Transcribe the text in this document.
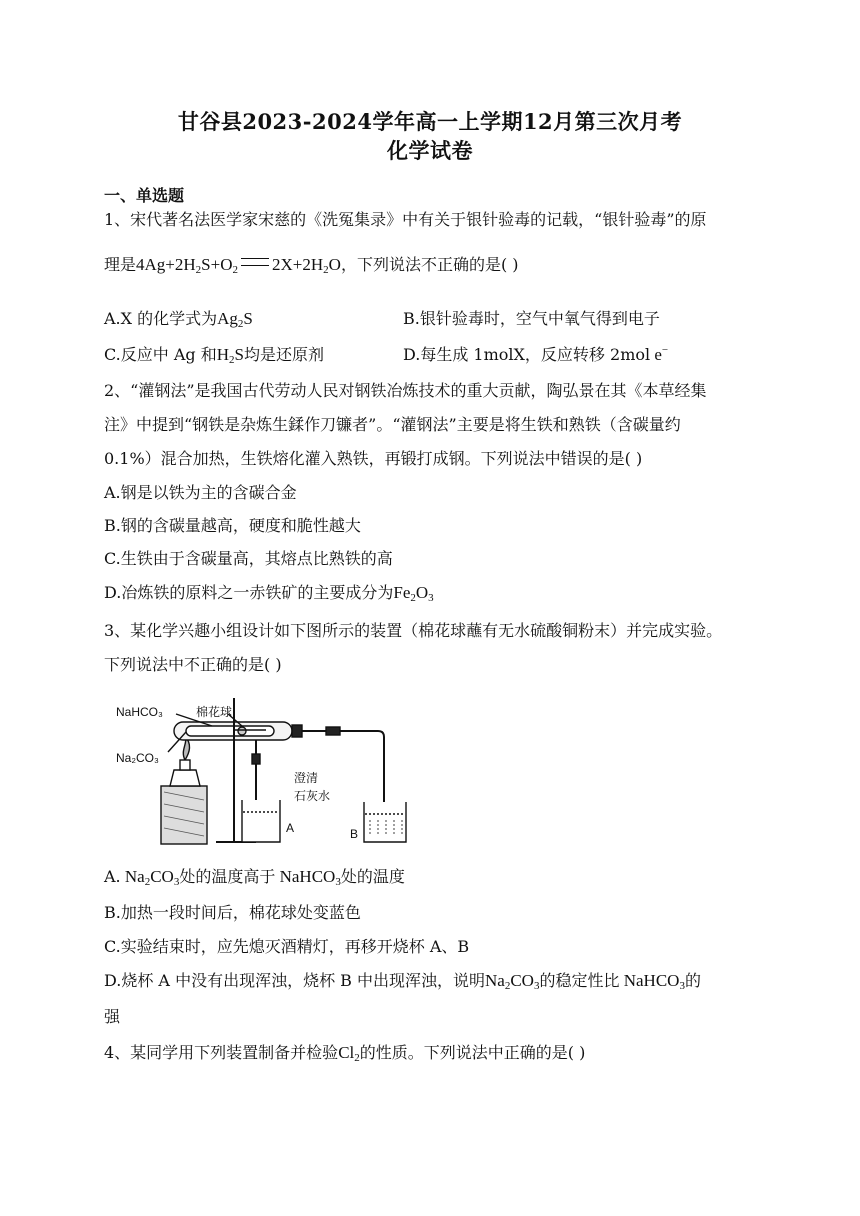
甘谷县2023-2024学年高一上学期12月第三次月考
化学试卷
一、单选题
1、宋代著名法医学家宋慈的《洗冤集录》中有关于银针验毒的记载，“银针验毒”的原
理是$4Ag+2H_2S+O_2$ $2X+2H_2O$，下列说法不正确的是( )
A.X 的化学式为$Ag_2S$	B.银针验毒时，空气中氧气得到电子
C.反应中 Ag 和$H_2S$均是还原剂	D.每生成 1molX，反应转移 2mol e−
2、“灌钢法”是我国古代劳动人民对钢铁冶炼技术的重大贡献，陶弘景在其《本草经集
注》中提到“钢铁是杂炼生鍒作刀镰者”。“灌钢法”主要是将生铁和熟铁（含碳量约
0.1%）混合加热，生铁熔化灌入熟铁，再锻打成钢。下列说法中错误的是( )
A.钢是以铁为主的含碳合金
B.钢的含碳量越高，硬度和脆性越大
C.生铁由于含碳量高，其熔点比熟铁的高
D.冶炼铁的原料之一赤铁矿的主要成分为$Fe_2O_3$
3、某化学兴趣小组设计如下图所示的装置（棉花球蘸有无水硫酸铜粉末）并完成实验。
下列说法中不正确的是( )
NaHCO₃	棉花球
Na₂CO₃
澄清
石灰水
A	B
A. $Na_2CO_3$处的温度高于 NaHCO$_3$处的温度
B.加热一段时间后，棉花球处变蓝色
C.实验结束时，应先熄灭酒精灯，再移开烧杯 A、B
D.烧杯 A 中没有出现浑浊，烧杯 B 中出现浑浊，说明$Na_2CO_3$的稳定性比 NaHCO$_3$的
强
4、某同学用下列装置制备并检验$Cl_2$的性质。下列说法中正确的是( )
